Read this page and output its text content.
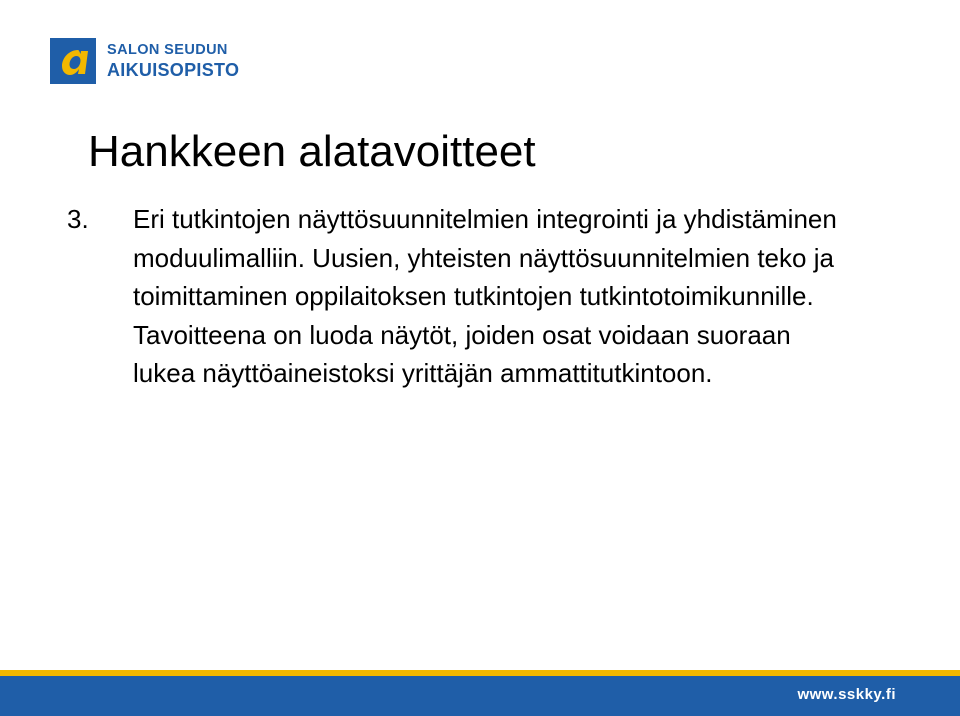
SALON SEUDUN
AIKUISOPISTO
Hankkeen alatavoitteet
3. Eri tutkintojen näyttösuunnitelmien integrointi ja yhdistäminen moduulimalliin. Uusien, yhteisten näyttösuunnitelmien teko ja toimittaminen oppilaitoksen tutkintojen tutkintotoimikunnille. Tavoitteena on luoda näytöt, joiden osat voidaan suoraan lukea näyttöaineistoksi yrittäjän ammattitutkintoon.
www.sskky.fi
